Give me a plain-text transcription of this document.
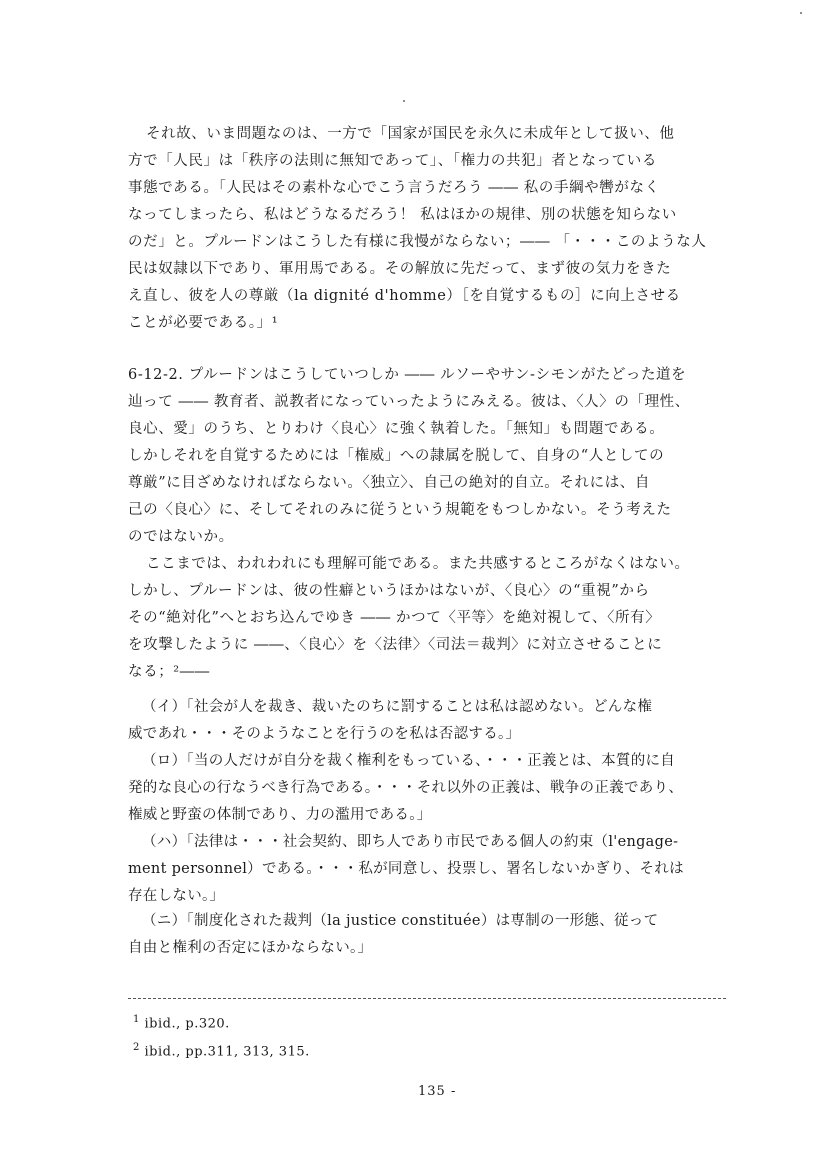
それ故、いま問題なのは、一方で「国家が国民を永久に未成年として扱い、他
方で「人民」は「秩序の法則に無知であって」、「権力の共犯」者となっている
事態である。「人民はその素朴な心でこう言うだろう ―― 私の手綱や轡がなく
なってしまったら、私はどうなるだろう！ 私はほかの規律、別の状態を知らない
のだ」と。プルードンはこうした有様に我慢がならない；―― 「・・・このような人
民は奴隷以下であり、軍用馬である。その解放に先だって、まず彼の気力をきた
え直し、彼を人の尊厳（la dignité d'homme）［を自覚するもの］に向上させる
ことが必要である。」¹
6-12-2. プルードンはこうしていつしか ―― ルソーやサン-シモンがたどった道を
辿って ―― 教育者、説教者になっていったようにみえる。彼は、〈人〉の「理性、
良心、愛」のうち、とりわけ〈良心〉に強く執着した。「無知」も問題である。
しかしそれを自覚するためには「権威」への隷属を脱して、自身の“人としての
尊厳”に目ざめなければならない。〈独立〉、自己の絶対的自立。それには、自
己の〈良心〉に、そしてそれのみに従うという規範をもつしかない。そう考えた
のではないか。
ここまでは、われわれにも理解可能である。また共感するところがなくはない。
しかし、プルードンは、彼の性癖というほかはないが、〈良心〉の“重視”から
その“絶対化”へとおち込んでゆき ―― かつて〈平等〉を絶対視して、〈所有〉
を攻撃したように ――、〈良心〉を〈法律〉〈司法＝裁判〉に対立させることに
なる；²――
（イ）「社会が人を裁き、裁いたのちに罰することは私は認めない。どんな権
威であれ・・・そのようなことを行うのを私は否認する。」
（ロ）「当の人だけが自分を裁く権利をもっている、・・・正義とは、本質的に自
発的な良心の行なうべき行為である。・・・それ以外の正義は、戦争の正義であり、
権威と野蛮の体制であり、力の濫用である。」
（ハ）「法律は・・・社会契約、即ち人であり市民である個人の約束（l'engage-
ment personnel）である。・・・私が同意し、投票し、署名しないかぎり、それは
存在しない。」
（ニ）「制度化された裁判（la justice constituée）は専制の一形態、従って
自由と権利の否定にほかならない。」
$^1$ ibid., p.320.
$^2$ ibid., pp.311, 313, 315.
135 -
